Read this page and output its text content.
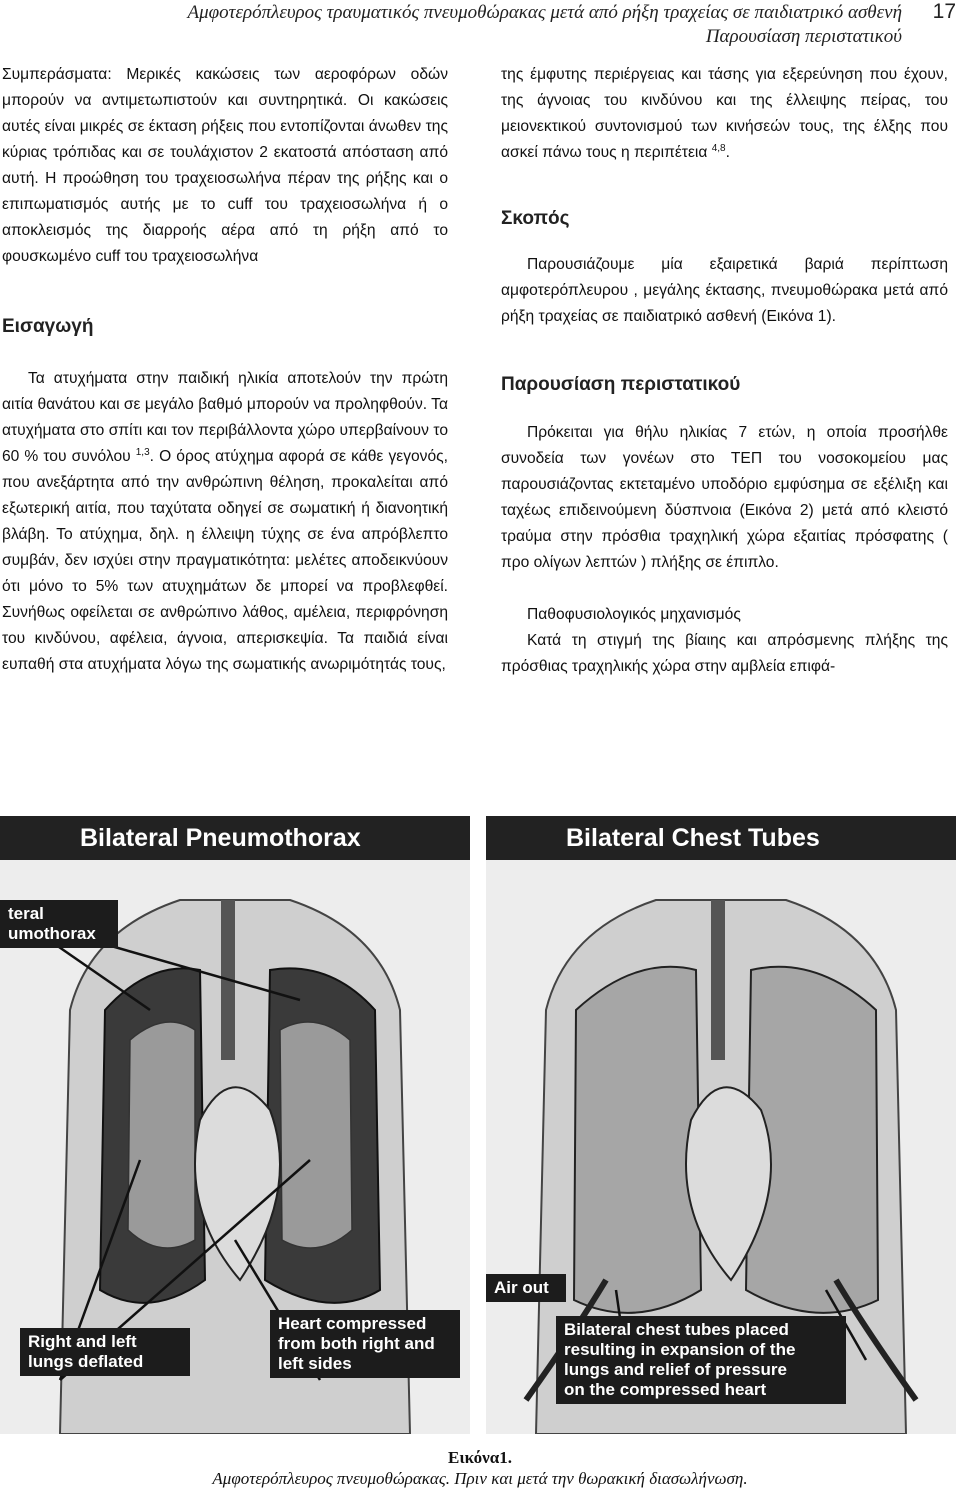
Αμφοτερόπλευρος τραυματικός πνευμοθώρακας μετά από ρήξη τραχείας σε παιδιατρικό ασθενή
Παρουσίαση περιστατικού
17

Συμπεράσματα: Μερικές κακώσεις των αεροφόρων οδών μπορούν να αντιμετωπιστούν και συντηρητικά. Οι κακώσεις αυτές είναι μικρές σε έκταση ρήξεις που εντοπίζονται άνωθεν της κύριας τρόπιδας και σε τουλάχιστον 2 εκατοστά απόσταση από αυτή. Η προώθηση του τραχειοσωλήνα πέραν της ρήξης και ο επιπωματισμός αυτής με το cuff του τραχειοσωλήνα ή ο αποκλεισμός της διαρροής αέρα από τη ρήξη από το φουσκωμένο cuff του τραχειοσωλήνα

Εισαγωγή

Τα ατυχήματα στην παιδική ηλικία αποτελούν την πρώτη αιτία θανάτου και σε μεγάλο βαθμό μπορούν να προληφθούν. Τα ατυχήματα στο σπίτι και τον περιβάλλοντα χώρο υπερβαίνουν το 60 % του συνόλου $^{1,3}$. Ο όρος ατύχημα αφορά σε κάθε γεγονός, που ανεξάρτητα από την ανθρώπινη θέληση, προκαλείται από εξωτερική αιτία, που ταχύτατα οδηγεί σε σωματική ή διανοητική βλάβη. Το ατύχημα, δηλ. η έλλειψη τύχης σε ένα απρόβλεπτο συμβάν, δεν ισχύει στην πραγματικότητα: μελέτες αποδεικνύουν ότι μόνο το 5% των ατυχημάτων δε μπορεί να προβλεφθεί. Συνήθως οφείλεται σε ανθρώπινο λάθος, αμέλεια, περιφρόνηση του κινδύνου, αφέλεια, άγνοια, απερισκεψία. Τα παιδιά είναι ευπαθή στα ατυχήματα λόγω της σωματικής ανωριμότητάς τους,

της έμφυτης περιέργειας και τάσης για εξερεύνηση που έχουν, της άγνοιας του κινδύνου και της έλλειψης πείρας, του μειονεκτικού συντονισμού των κινήσεών τους, της έλξης που ασκεί πάνω τους η περιπέτεια $^{4,8}$.

Σκοπός

Παρουσιάζουμε μία εξαιρετικά βαριά περίπτωση αμφοτερόπλευρου , μεγάλης έκτασης, πνευμοθώρακα μετά από ρήξη τραχείας σε παιδιατρικό ασθενή (Εικόνα 1).

Παρουσίαση περιστατικού

Πρόκειται για θήλυ ηλικίας 7 ετών, η οποία προσήλθε συνοδεία των γονέων στο ΤΕΠ του νοσοκομείου μας παρουσιάζοντας εκτεταμένο υποδόριο εμφύσημα σε εξέλιξη και ταχέως επιδεινούμενη δύσπνοια (Εικόνα 2) μετά από κλειστό τραύμα στην πρόσθια τραχηλική χώρα εξαιτίας πρόσφατης ( προ ολίγων λεπτών ) πλήξης σε έπιπλο.

Παθοφυσιολογικός μηχανισμός

Κατά τη στιγμή της βίαιης και απρόσμενης πλήξης της πρόσθιας τραχηλικής χώρα στην αμβλεία επιφά-

Bilateral Pneumothorax
teral
umothorax
Right and left
lungs deflated
Heart compressed
from both right and
left sides
Bilateral Chest Tubes
Air out
Bilateral chest tubes placed
resulting in expansion of the
lungs and relief of pressure
on the compressed heart
Εικόνα1.
Αμφοτερόπλευρος πνευμοθώρακας. Πριν και μετά την θωρακική διασωλήνωση.
